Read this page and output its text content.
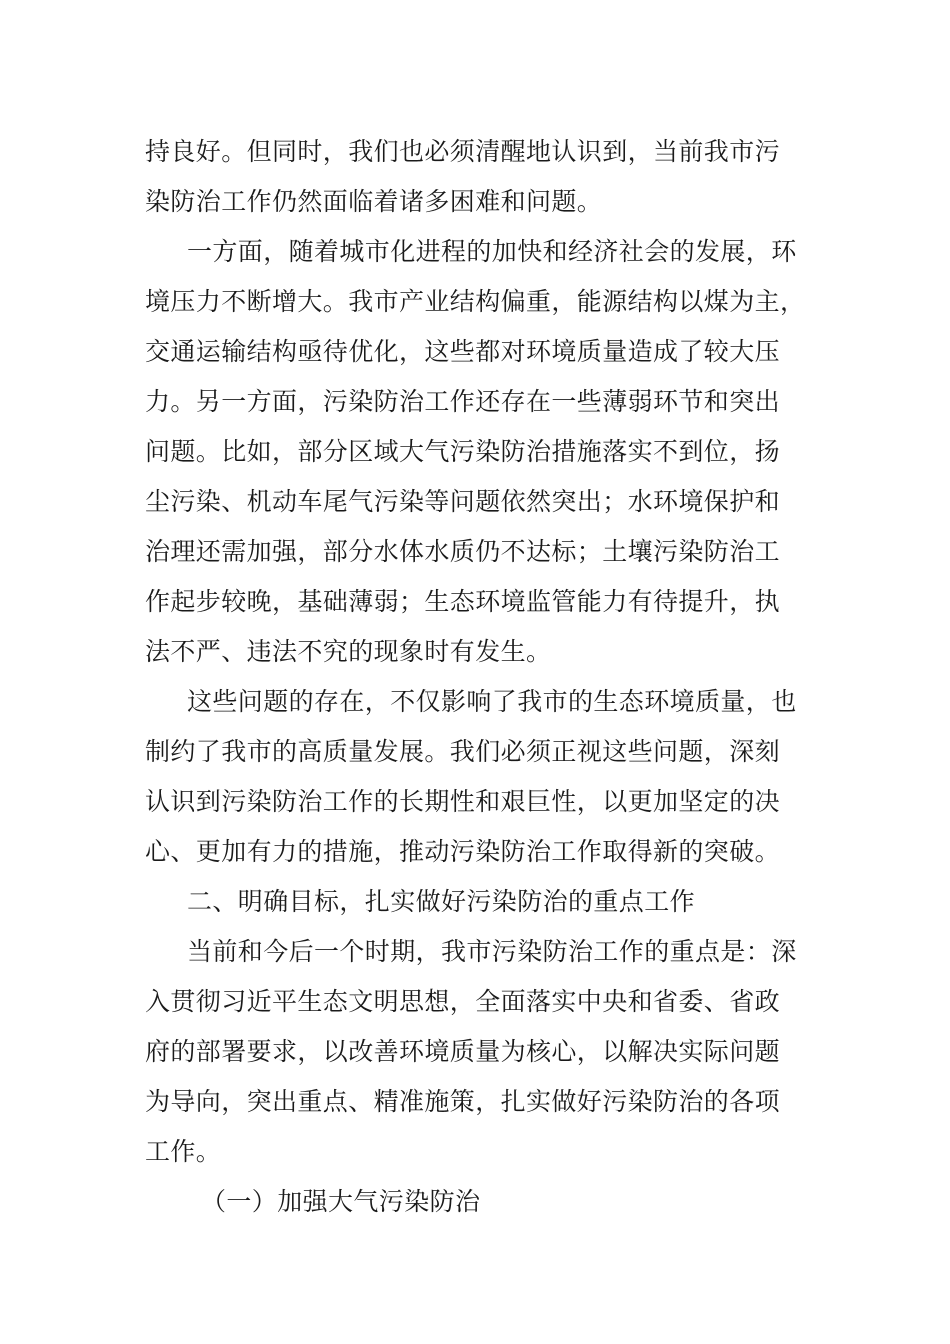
持良好。但同时，我们也必须清醒地认识到，当前我市污
染防治工作仍然面临着诸多困难和问题。
一方面，随着城市化进程的加快和经济社会的发展，环
境压力不断增大。我市产业结构偏重，能源结构以煤为主，
交通运输结构亟待优化，这些都对环境质量造成了较大压
力。另一方面，污染防治工作还存在一些薄弱环节和突出
问题。比如，部分区域大气污染防治措施落实不到位，扬
尘污染、机动车尾气污染等问题依然突出；水环境保护和
治理还需加强，部分水体水质仍不达标；土壤污染防治工
作起步较晚，基础薄弱；生态环境监管能力有待提升，执
法不严、违法不究的现象时有发生。
这些问题的存在，不仅影响了我市的生态环境质量，也
制约了我市的高质量发展。我们必须正视这些问题，深刻
认识到污染防治工作的长期性和艰巨性，以更加坚定的决
心、更加有力的措施，推动污染防治工作取得新的突破。
二、明确目标，扎实做好污染防治的重点工作
当前和今后一个时期，我市污染防治工作的重点是：深
入贯彻习近平生态文明思想，全面落实中央和省委、省政
府的部署要求，以改善环境质量为核心，以解决实际问题
为导向，突出重点、精准施策，扎实做好污染防治的各项
工作。
（一）加强大气污染防治
